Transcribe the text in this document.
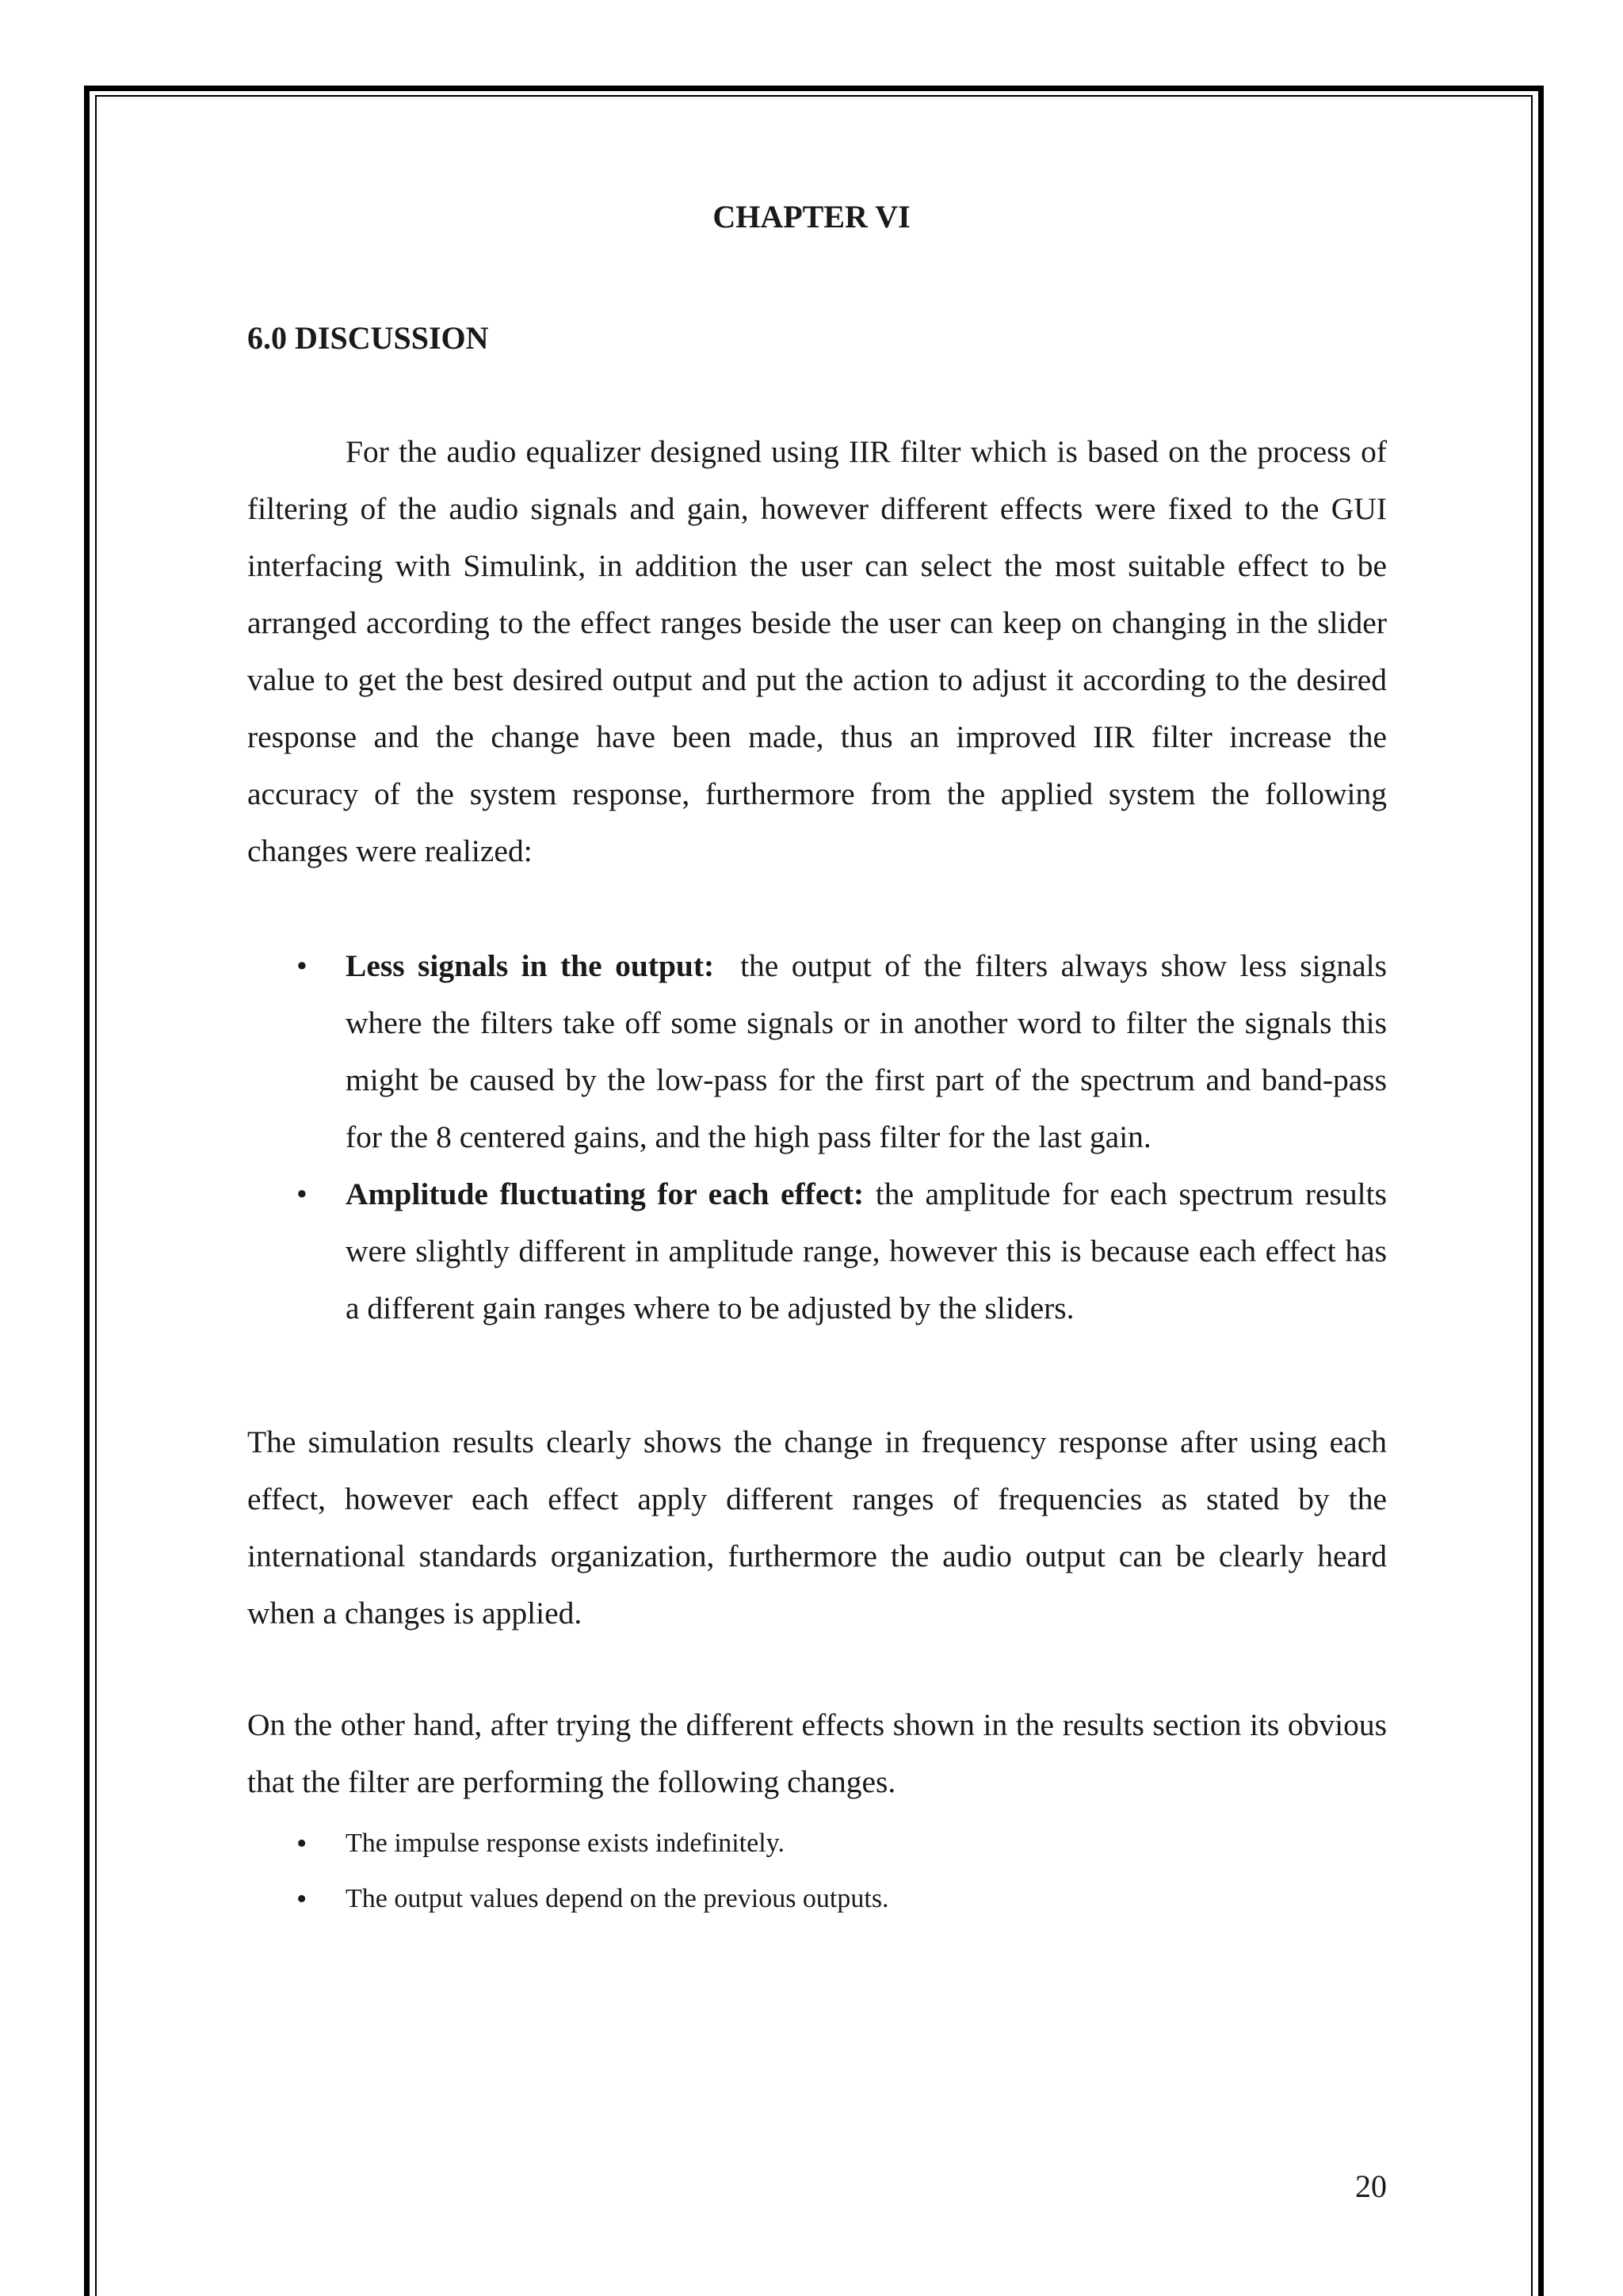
CHAPTER VI
6.0 DISCUSSION

For the audio equalizer designed using IIR filter which is based on the process of filtering of the audio signals and gain, however different effects were fixed to the GUI interfacing with Simulink, in addition the user can select the most suitable effect to be arranged according to the effect ranges beside the user can keep on changing in the slider value to get the best desired output and put the action to adjust it according to the desired response and the change have been made, thus an improved IIR filter increase the accuracy of the system response, furthermore from the applied system the following changes were realized:

• Less signals in the output: the output of the filters always show less signals where the filters take off some signals or in another word to filter the signals this might be caused by the low-pass for the first part of the spectrum and band-pass for the 8 centered gains, and the high pass filter for the last gain.
• Amplitude fluctuating for each effect: the amplitude for each spectrum results were slightly different in amplitude range, however this is because each effect has a different gain ranges where to be adjusted by the sliders.

The simulation results clearly shows the change in frequency response after using each effect, however each effect apply different ranges of frequencies as stated by the international standards organization, furthermore the audio output can be clearly heard when a changes is applied.

On the other hand, after trying the different effects shown in the results section its obvious that the filter are performing the following changes.

• The impulse response exists indefinitely.
• The output values depend on the previous outputs.
20
